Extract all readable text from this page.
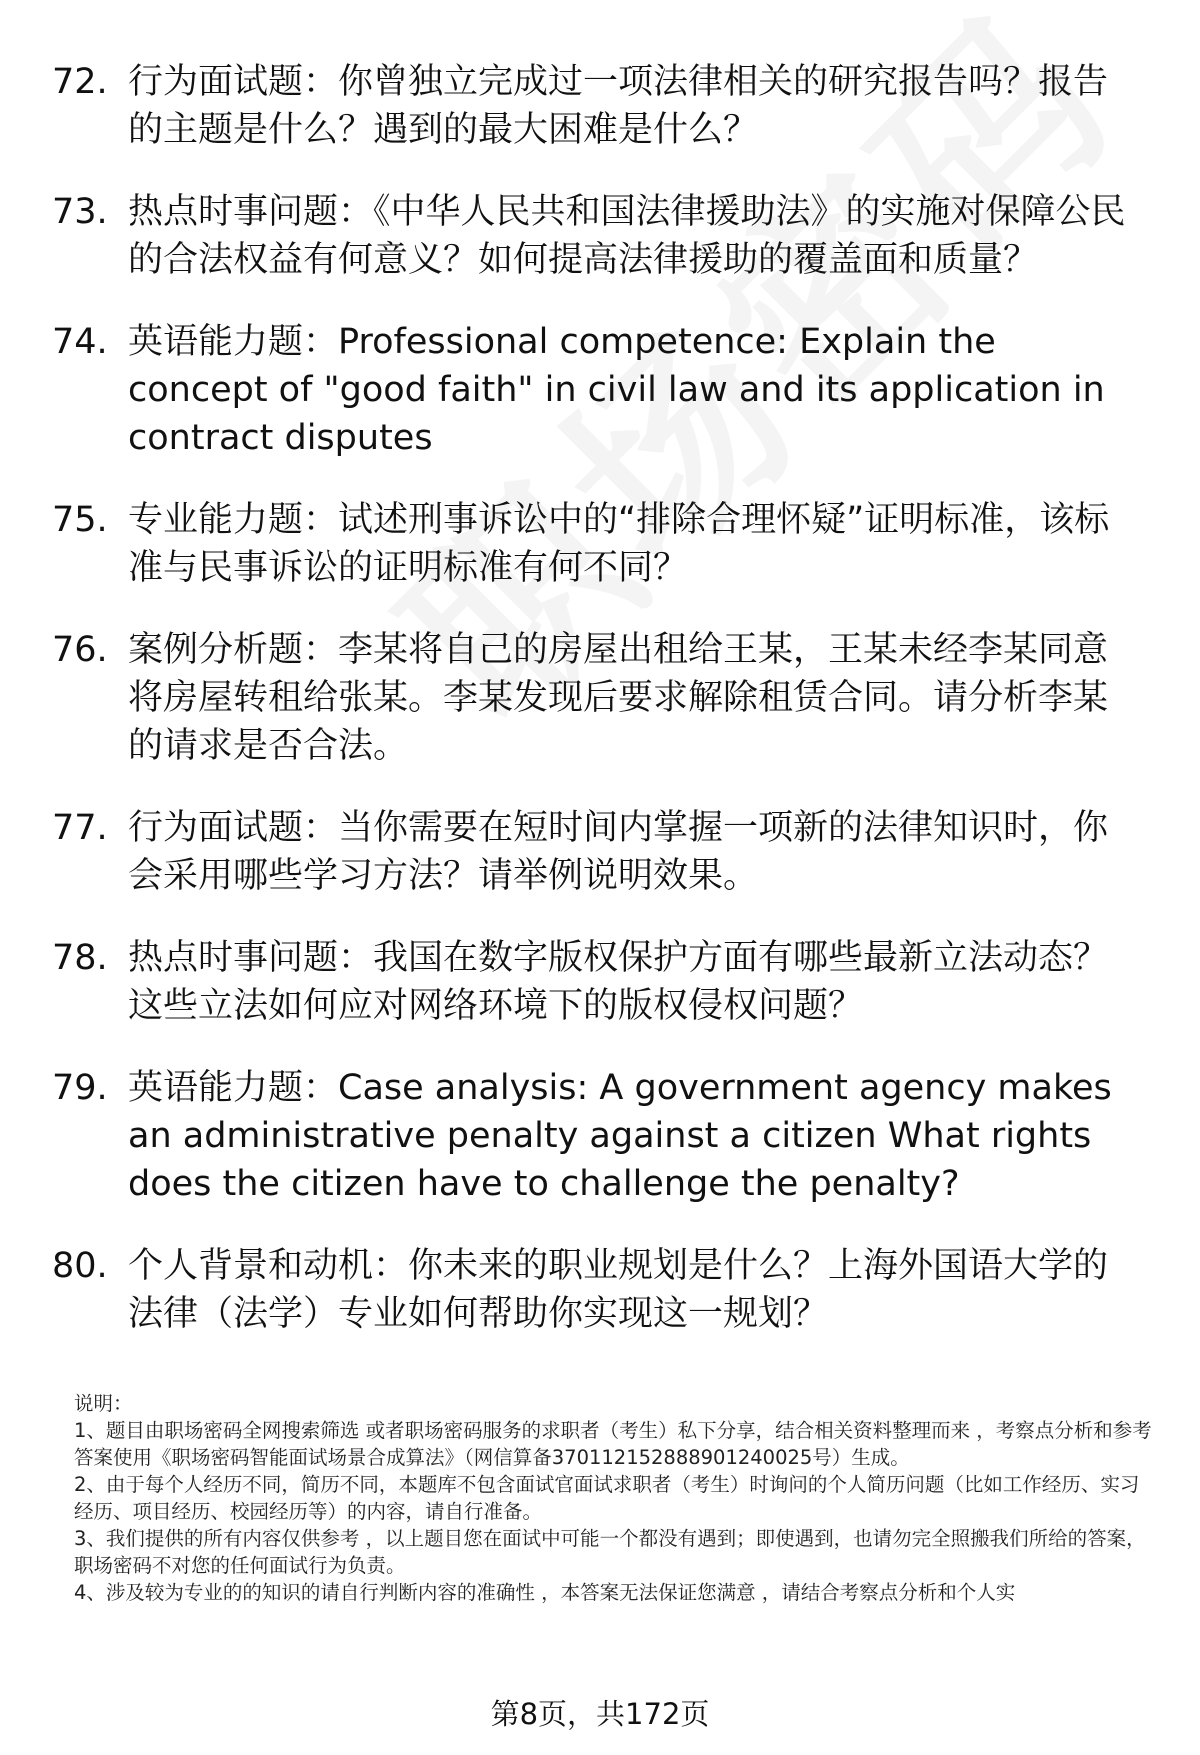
72. 行为面试题：你曾独立完成过一项法律相关的研究报告吗？报告的主题是什么？遇到的最大困难是什么？
73. 热点时事问题：《中华人民共和国法律援助法》的实施对保障公民的合法权益有何意义？如何提高法律援助的覆盖面和质量？
74. 英语能力题：Professional competence: Explain the concept of "good faith" in civil law and its application in contract disputes
75. 专业能力题：试述刑事诉讼中的“排除合理怀疑”证明标准，该标准与民事诉讼的证明标准有何不同？
76. 案例分析题：李某将自己的房屋出租给王某，王某未经李某同意将房屋转租给张某。李某发现后要求解除租赁合同。请分析李某的请求是否合法。
77. 行为面试题：当你需要在短时间内掌握一项新的法律知识时，你会采用哪些学习方法？请举例说明效果。
78. 热点时事问题：我国在数字版权保护方面有哪些最新立法动态？这些立法如何应对网络环境下的版权侵权问题？
79. 英语能力题：Case analysis: A government agency makes an administrative penalty against a citizen What rights does the citizen have to challenge the penalty?
80. 个人背景和动机：你未来的职业规划是什么？上海外国语大学的法律（法学）专业如何帮助你实现这一规划？

说明：

1、题目由职场密码全网搜索筛选 或者职场密码服务的求职者（考生）私下分享，结合相关资料整理而来 ，考察点分析和参考答案使用《职场密码智能面试场景合成算法》（网信算备370112152888901240025号）生成。

2、由于每个人经历不同，简历不同，本题库不包含面试官面试求职者（考生）时询问的个人简历问题（比如工作经历、实习经历、项目经历、校园经历等）的内容，请自行准备。

3、我们提供的所有内容仅供参考 ，以上题目您在面试中可能一个都没有遇到；即使遇到，也请勿完全照搬我们所给的答案，职场密码不对您的任何面试行为负责。

4、涉及较为专业的的知识的请自行判断内容的准确性 ，本答案无法保证您满意 ，请结合考察点分析和个人实

第8页，共172页
